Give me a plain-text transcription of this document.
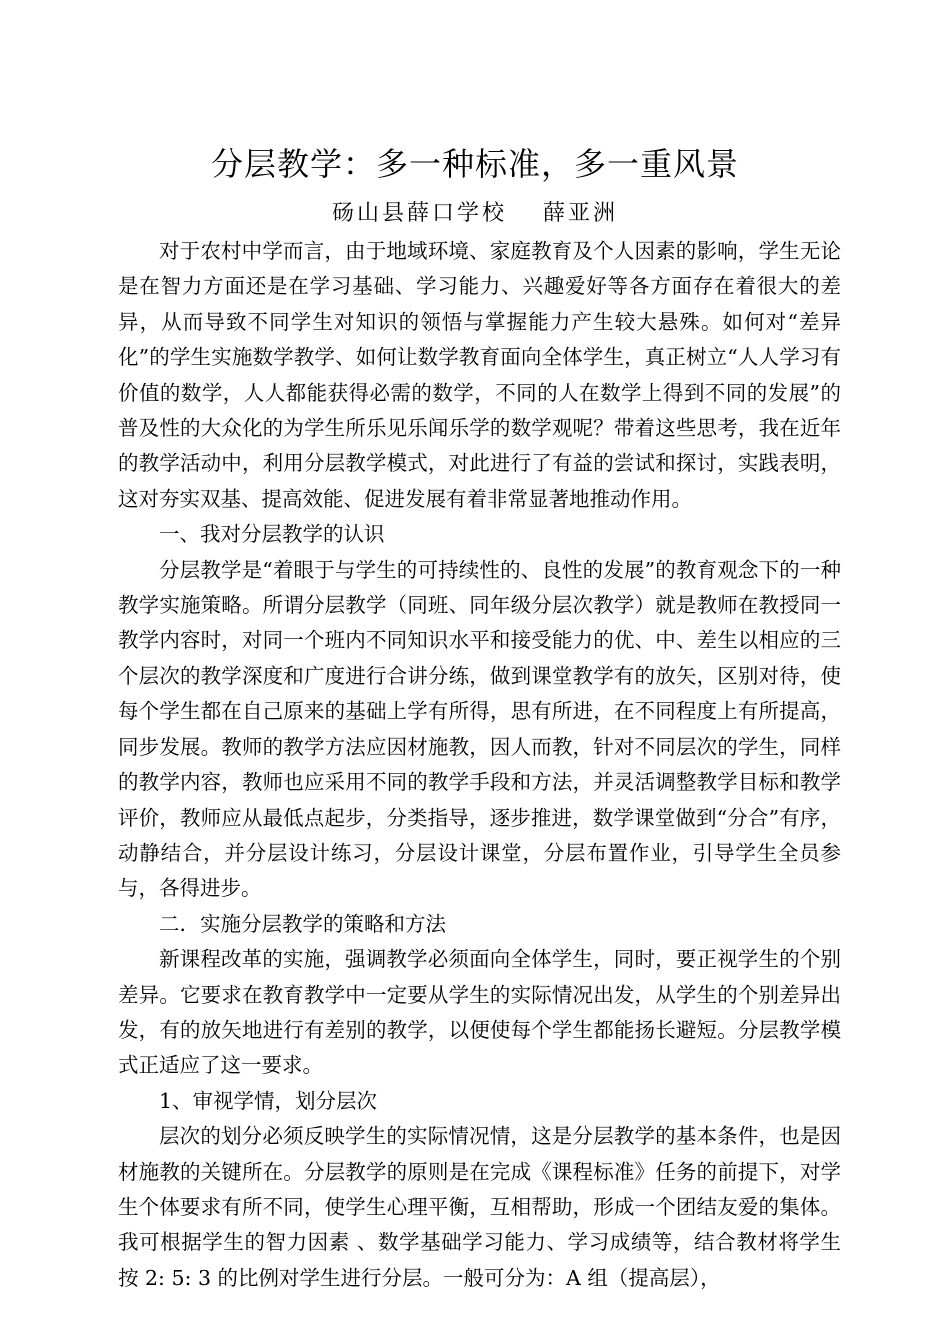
分层教学：多一种标准，多一重风景
砀山县薛口学校 薛亚洲

对于农村中学而言，由于地域环境、家庭教育及个人因素的影响，学生无论是在智力方面还是在学习基础、学习能力、兴趣爱好等各方面存在着很大的差异，从而导致不同学生对知识的领悟与掌握能力产生较大悬殊。如何对“差异化”的学生实施数学教学、如何让数学教育面向全体学生，真正树立“人人学习有价值的数学，人人都能获得必需的数学，不同的人在数学上得到不同的发展”的普及性的大众化的为学生所乐见乐闻乐学的数学观呢？带着这些思考，我在近年的教学活动中，利用分层教学模式，对此进行了有益的尝试和探讨，实践表明，这对夯实双基、提高效能、促进发展有着非常显著地推动作用。

一、我对分层教学的认识

分层教学是“着眼于与学生的可持续性的、良性的发展”的教育观念下的一种教学实施策略。所谓分层教学（同班、同年级分层次教学）就是教师在教授同一教学内容时，对同一个班内不同知识水平和接受能力的优、中、差生以相应的三个层次的教学深度和广度进行合讲分练，做到课堂教学有的放矢，区别对待，使每个学生都在自己原来的基础上学有所得，思有所进，在不同程度上有所提高，同步发展。教师的教学方法应因材施教，因人而教，针对不同层次的学生，同样的教学内容，教师也应采用不同的教学手段和方法，并灵活调整教学目标和教学评价，教师应从最低点起步，分类指导，逐步推进，数学课堂做到“分合”有序，动静结合，并分层设计练习，分层设计课堂，分层布置作业，引导学生全员参与，各得进步。

二．实施分层教学的策略和方法

新课程改革的实施，强调教学必须面向全体学生，同时，要正视学生的个别差异。它要求在教育教学中一定要从学生的实际情况出发，从学生的个别差异出发，有的放矢地进行有差别的教学，以便使每个学生都能扬长避短。分层教学模式正适应了这一要求。

1、审视学情，划分层次

层次的划分必须反映学生的实际情况情，这是分层教学的基本条件，也是因材施教的关键所在。分层教学的原则是在完成《课程标准》任务的前提下，对学生个体要求有所不同，使学生心理平衡，互相帮助，形成一个团结友爱的集体。我可根据学生的智力因素 、数学基础学习能力、学习成绩等，结合教材将学生按 2: 5: 3 的比例对学生进行分层。一般可分为：A 组（提高层），
